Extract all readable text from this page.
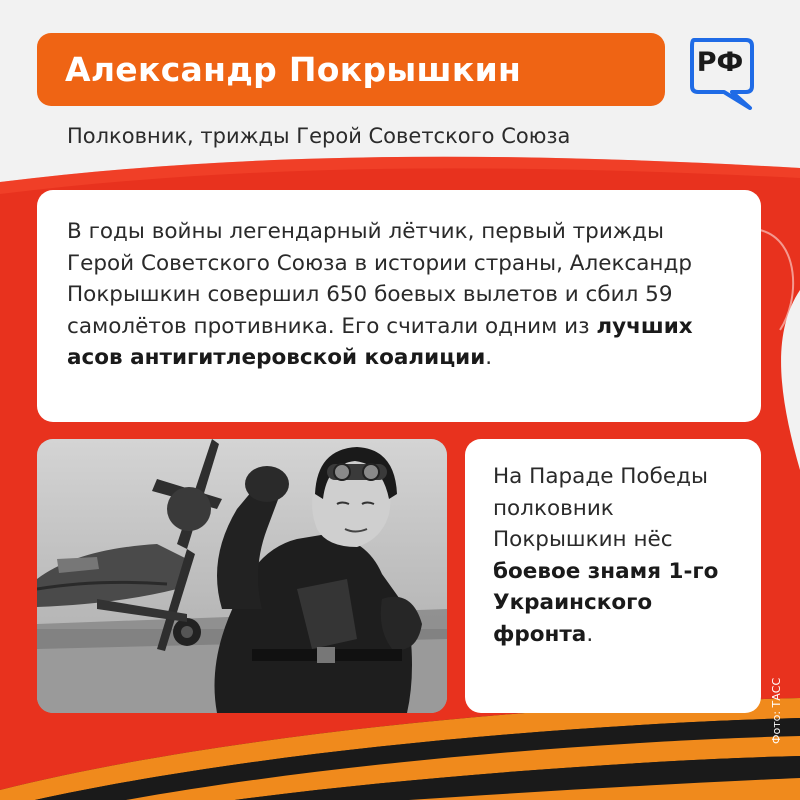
Александр Покрышкин	РФ
Полковник, трижды Герой Советского Союза

В годы войны легендарный лётчик, первый трижды Герой Советского Союза в истории страны, Александр Покрышкин совершил 650 боевых вылетов и сбил 59 самолётов противника. Его считали одним из лучших асов антигитлеровской коалиции.

На Параде Победы полковник Покрышкин нёс боевое знамя 1-го Украинского фронта.

Фото: ТАСС
